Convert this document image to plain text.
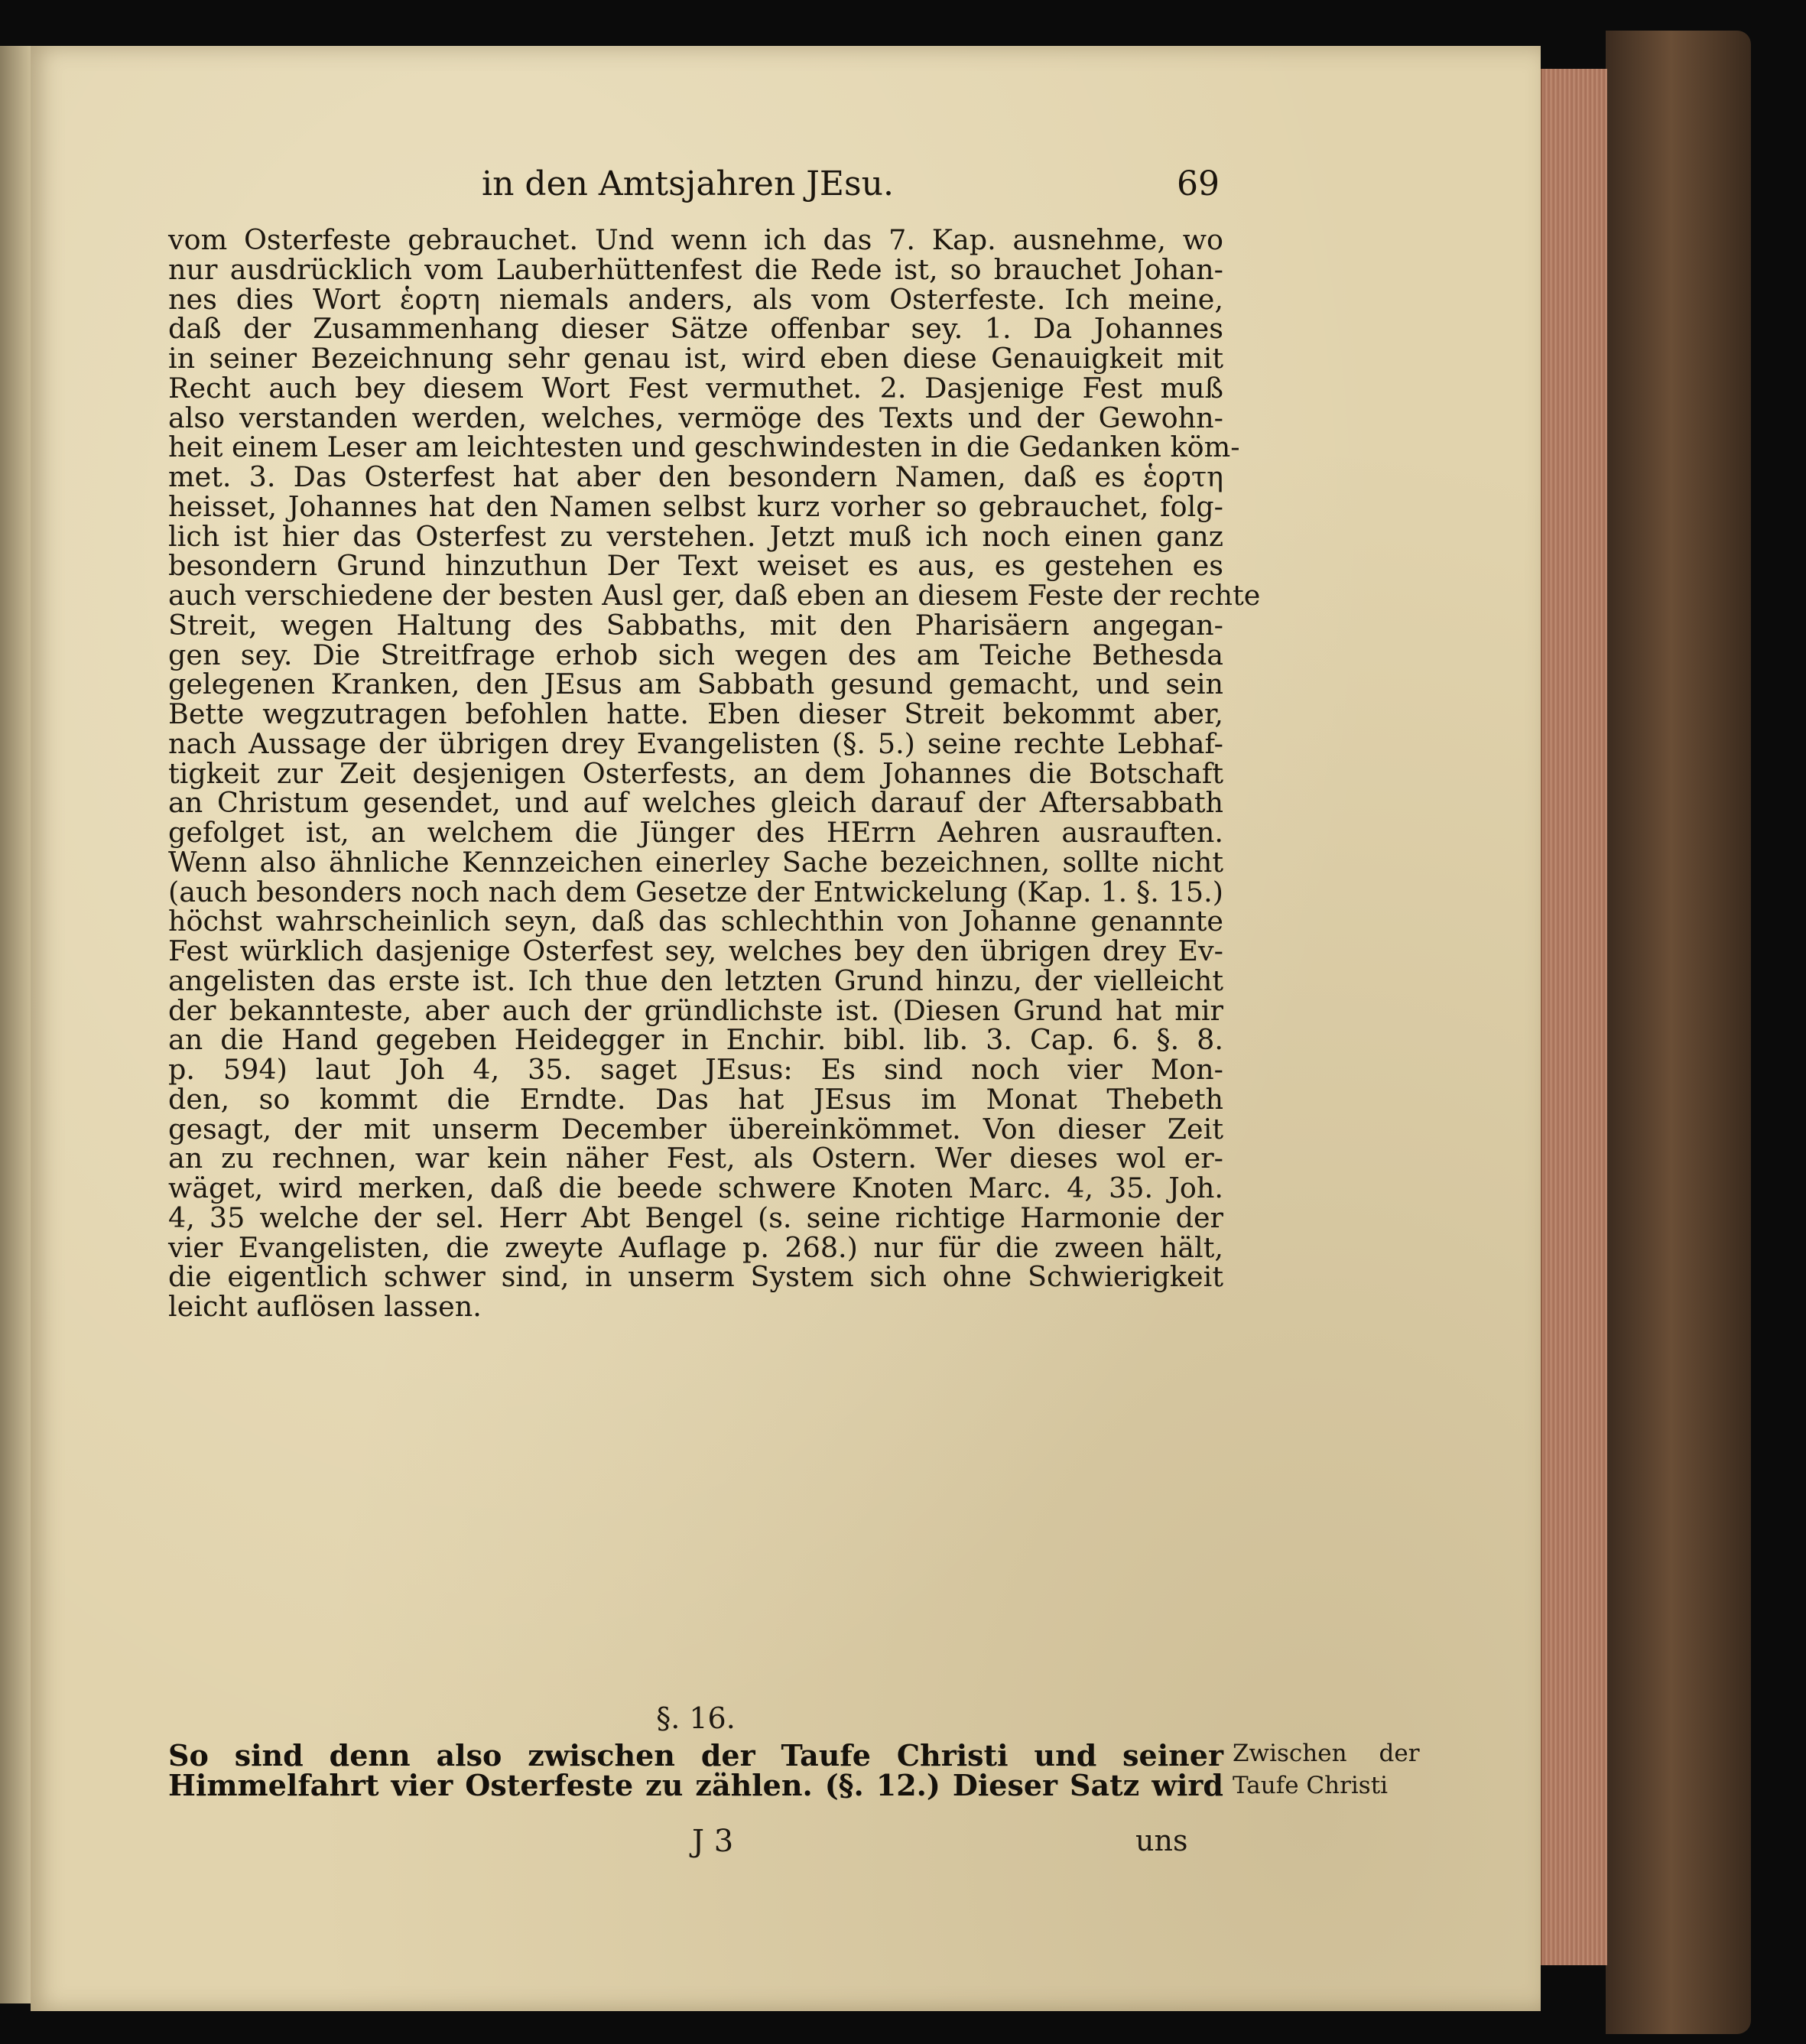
in den Amtsjahren JEsu.	69
vom Osterfeste gebrauchet. Und wenn ich das 7. Kap. ausnehme, wo
nur ausdrücklich vom Lauberhüttenfest die Rede ist, so brauchet Johan-
nes dies Wort ἑορτη niemals anders, als vom Osterfeste. Ich meine,
daß der Zusammenhang dieser Sätze offenbar sey. 1. Da Johannes
in seiner Bezeichnung sehr genau ist, wird eben diese Genauigkeit mit
Recht auch bey diesem Wort Fest vermuthet. 2. Dasjenige Fest muß
also verstanden werden, welches, vermöge des Texts und der Gewohn-
heit einem Leser am leichtesten und geschwindesten in die Gedanken köm-
met. 3. Das Osterfest hat aber den besondern Namen, daß es ἑορτη
heisset, Johannes hat den Namen selbst kurz vorher so gebrauchet, folg-
lich ist hier das Osterfest zu verstehen. Jetzt muß ich noch einen ganz
besondern Grund hinzuthun Der Text weiset es aus, es gestehen es
auch verschiedene der besten Ausl ger, daß eben an diesem Feste der rechte
Streit, wegen Haltung des Sabbaths, mit den Pharisäern angegan-
gen sey. Die Streitfrage erhob sich wegen des am Teiche Bethesda
gelegenen Kranken, den JEsus am Sabbath gesund gemacht, und sein
Bette wegzutragen befohlen hatte. Eben dieser Streit bekommt aber,
nach Aussage der übrigen drey Evangelisten (§. 5.) seine rechte Lebhaf-
tigkeit zur Zeit desjenigen Osterfests, an dem Johannes die Botschaft
an Christum gesendet, und auf welches gleich darauf der Aftersabbath
gefolget ist, an welchem die Jünger des HErrn Aehren ausrauften.
Wenn also ähnliche Kennzeichen einerley Sache bezeichnen, sollte nicht
(auch besonders noch nach dem Gesetze der Entwickelung (Kap. 1. §. 15.)
höchst wahrscheinlich seyn, daß das schlechthin von Johanne genannte
Fest würklich dasjenige Osterfest sey, welches bey den übrigen drey Ev-
angelisten das erste ist. Ich thue den letzten Grund hinzu, der vielleicht
der bekannteste, aber auch der gründlichste ist. (Diesen Grund hat mir
an die Hand gegeben Heidegger in Enchir. bibl. lib. 3. Cap. 6. §. 8.
p. 594) laut Joh 4, 35. saget JEsus: Es sind noch vier Mon-
den, so kommt die Erndte. Das hat JEsus im Monat Thebeth
gesagt, der mit unserm December übereinkömmet. Von dieser Zeit
an zu rechnen, war kein näher Fest, als Ostern. Wer dieses wol er-
wäget, wird merken, daß die beede schwere Knoten Marc. 4, 35. Joh.
4, 35 welche der sel. Herr Abt Bengel (s. seine richtige Harmonie der
vier Evangelisten, die zweyte Auflage p. 268.) nur für die zween hält,
die eigentlich schwer sind, in unserm System sich ohne Schwierigkeit
leicht auflösen lassen.
§. 16.
So sind denn also zwischen der Taufe Christi und seiner
Himmelfahrt vier Osterfeste zu zählen. (§. 12.) Dieser Satz wird
Zwischen der
Taufe Christi
J 3	uns
